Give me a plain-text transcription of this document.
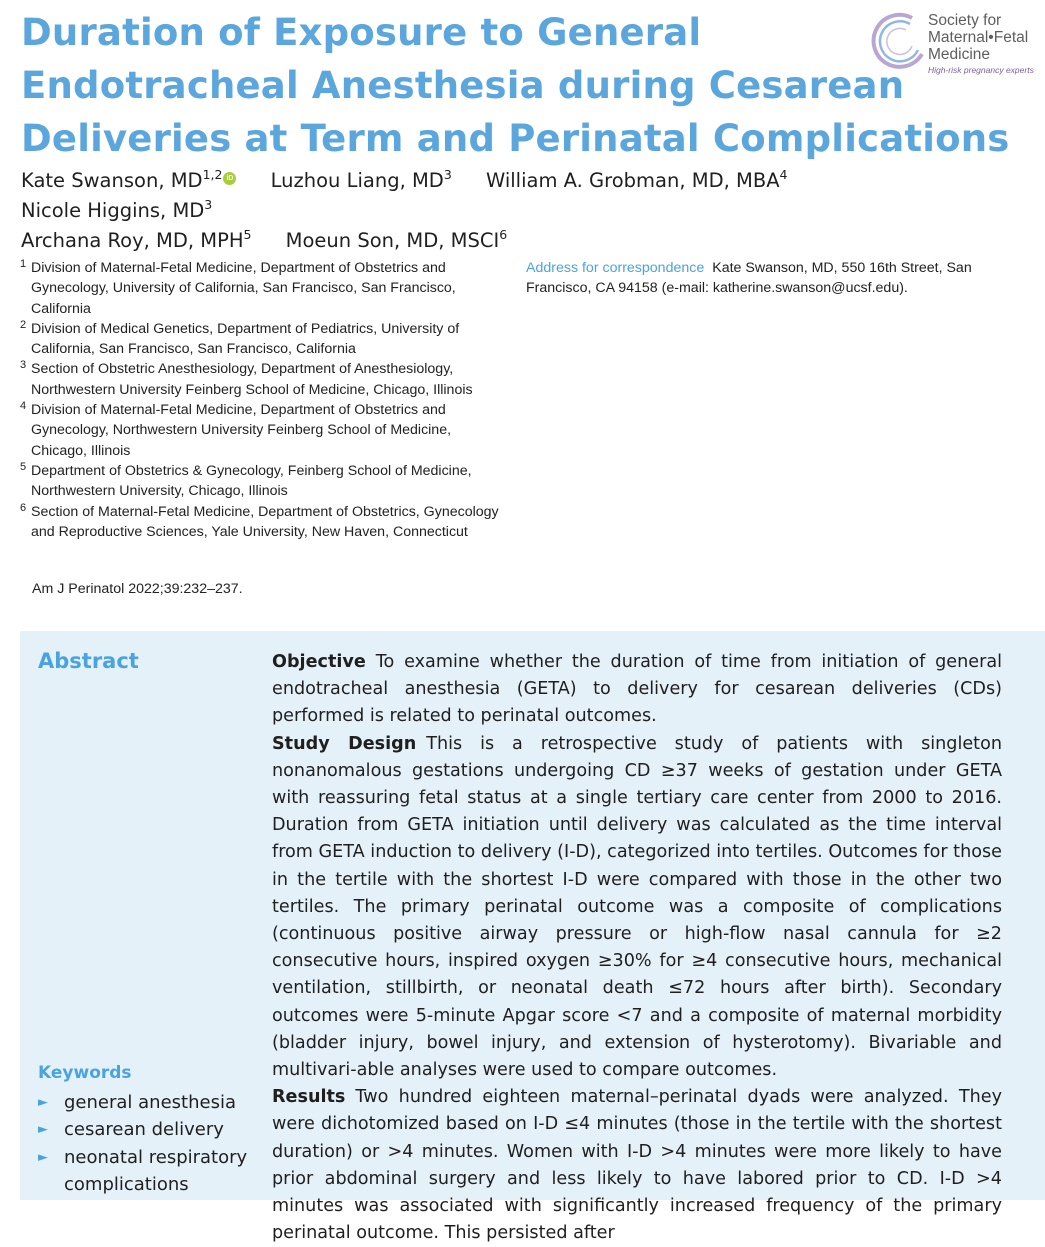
Duration of Exposure to General
Endotracheal Anesthesia during Cesarean
Deliveries at Term and Perinatal Complications
Society for
Maternal•Fetal
Medicine
High-risk pregnancy experts
Kate Swanson, MD$^{1,2}$ iD Luzhou Liang, $MD^3$ William A. Grobman, MD, MBA$^4$ Nicole Higgins, $MD^3$
Archana Roy, MD, MPH$^5$ Moeun Son, MD, MSCI$^6$
1 Division of Maternal-Fetal Medicine, Department of Obstetrics and Gynecology, University of California, San Francisco, San Francisco, California
2 Division of Medical Genetics, Department of Pediatrics, University of California, San Francisco, San Francisco, California
3 Section of Obstetric Anesthesiology, Department of Anesthesiology, Northwestern University Feinberg School of Medicine, Chicago, Illinois
4 Division of Maternal-Fetal Medicine, Department of Obstetrics and Gynecology, Northwestern University Feinberg School of Medicine, Chicago, Illinois
5 Department of Obstetrics & Gynecology, Feinberg School of Medicine, Northwestern University, Chicago, Illinois
6 Section of Maternal-Fetal Medicine, Department of Obstetrics, Gynecology and Reproductive Sciences, Yale University, New Haven, Connecticut
Address for correspondence Kate Swanson, MD, 550 16th Street, San Francisco, CA 94158 (e-mail: katherine.swanson@ucsf.edu).
Am J Perinatol 2022;39:232–237.
Abstract	Objective To examine whether the duration of time from initiation of general endotracheal anesthesia (GETA) to delivery for cesarean deliveries (CDs) performed is related to perinatal outcomes.

Study Design This is a retrospective study of patients with singleton nonanomalous gestations undergoing CD ≥37 weeks of gestation under GETA with reassuring fetal status at a single tertiary care center from 2000 to 2016. Duration from GETA initiation until delivery was calculated as the time interval from GETA induction to delivery (I-D), categorized into tertiles. Outcomes for those in the tertile with the shortest I-D were compared with those in the other two tertiles. The primary perinatal outcome was a composite of complications (continuous positive airway pressure or high-flow nasal cannula for ≥2 consecutive hours, inspired oxygen ≥30% for ≥4 consecutive hours, mechanical ventilation, stillbirth, or neonatal death ≤72 hours after birth). Secondary outcomes were 5-minute Apgar score <7 and a composite of maternal morbidity (bladder injury, bowel injury, and extension of hysterotomy). Bivariable and multivari-able analyses were used to compare outcomes.

Results Two hundred eighteen maternal–perinatal dyads were analyzed. They were dichotomized based on I-D ≤4 minutes (those in the tertile with the shortest duration) or >4 minutes. Women with I-D >4 minutes were more likely to have prior abdominal surgery and less likely to have labored prior to CD. I-D >4 minutes was associated with significantly increased frequency of the primary perinatal outcome. This persisted after

Keywords
► general anesthesia
► cesarean delivery
► neonatal respiratory complications
